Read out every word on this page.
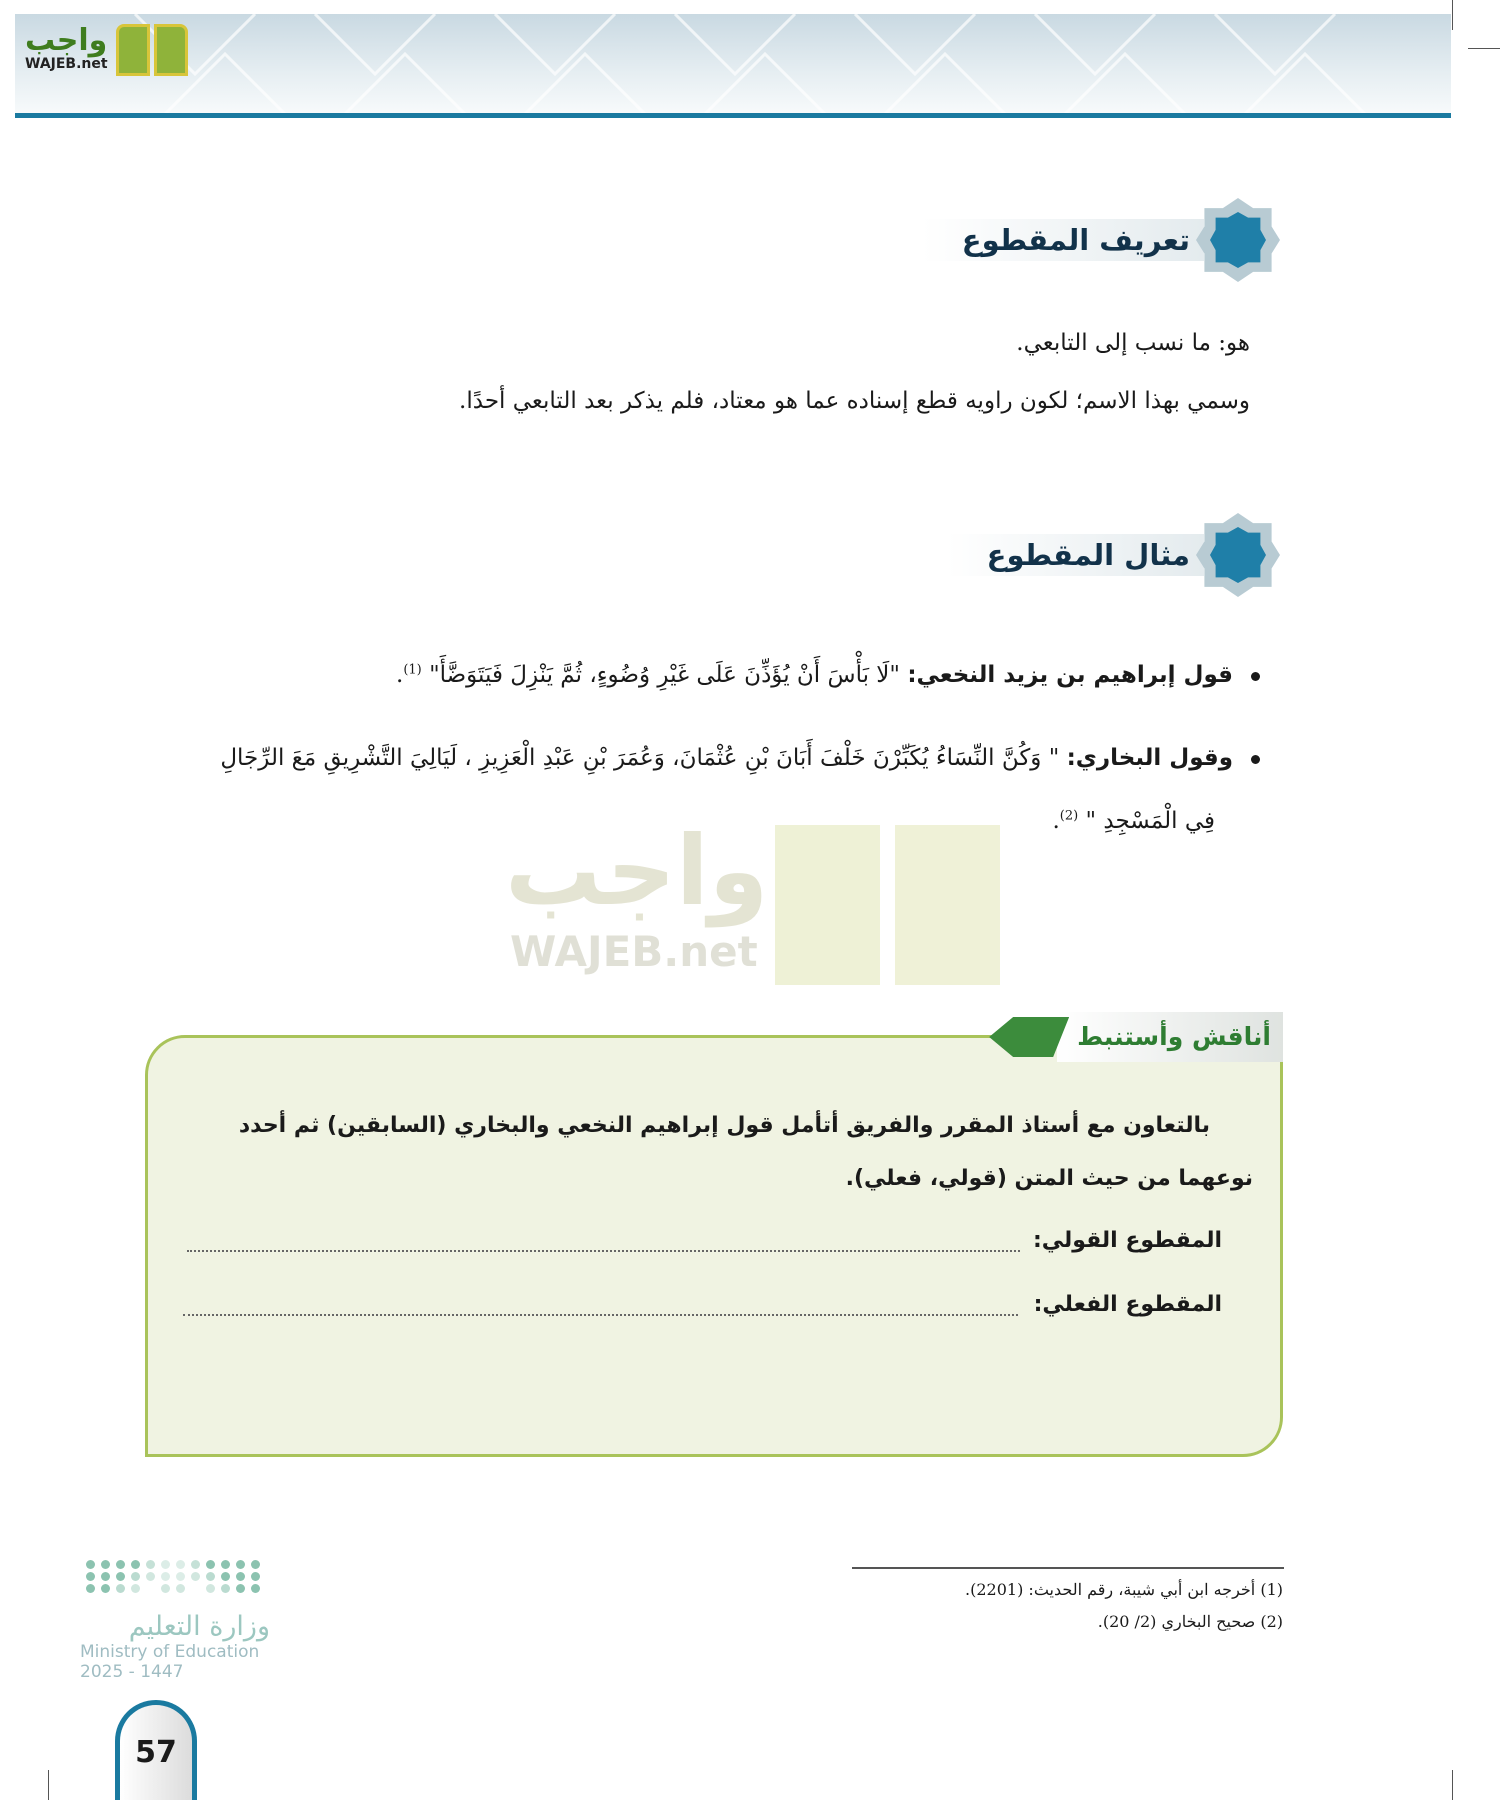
واجب
WAJEB.net
تعريف المقطوع
هو: ما نسب إلى التابعي.
وسمي بهذا الاسم؛ لكون راويه قطع إسناده عما هو معتاد، فلم يذكر بعد التابعي أحدًا.
مثال المقطوع
قول إبراهيم بن يزيد النخعي: "لَا بَأْسَ أَنْ يُؤَذِّنَ عَلَى غَيْرِ وُضُوءٍ، ثُمَّ يَنْزِلَ فَيَتَوَضَّأَ" $^{(1)}$.
وقول البخاري: " وَكُنَّ النِّسَاءُ يُكَبِّرْنَ خَلْفَ أَبَانَ بْنِ عُثْمَانَ، وَعُمَرَ بْنِ عَبْدِ الْعَزِيزِ ، لَيَالِيَ التَّشْرِيقِ مَعَ الرِّجَالِ
فِي الْمَسْجِدِ " $^{(2)}$.
واجب
WAJEB.net
أناقش وأستنبط
بالتعاون مع أستاذ المقرر والفريق أتأمل قول إبراهيم النخعي والبخاري (السابقين) ثم أحدد
نوعهما من حيث المتن (قولي، فعلي).
المقطوع القولي:
المقطوع الفعلي:
(1) أخرجه ابن أبي شيبة، رقم الحديث: (2201).
(2) صحيح البخاري (2/ 20).
وزارة التعليم
Ministry of Education
2025 - 1447
57
